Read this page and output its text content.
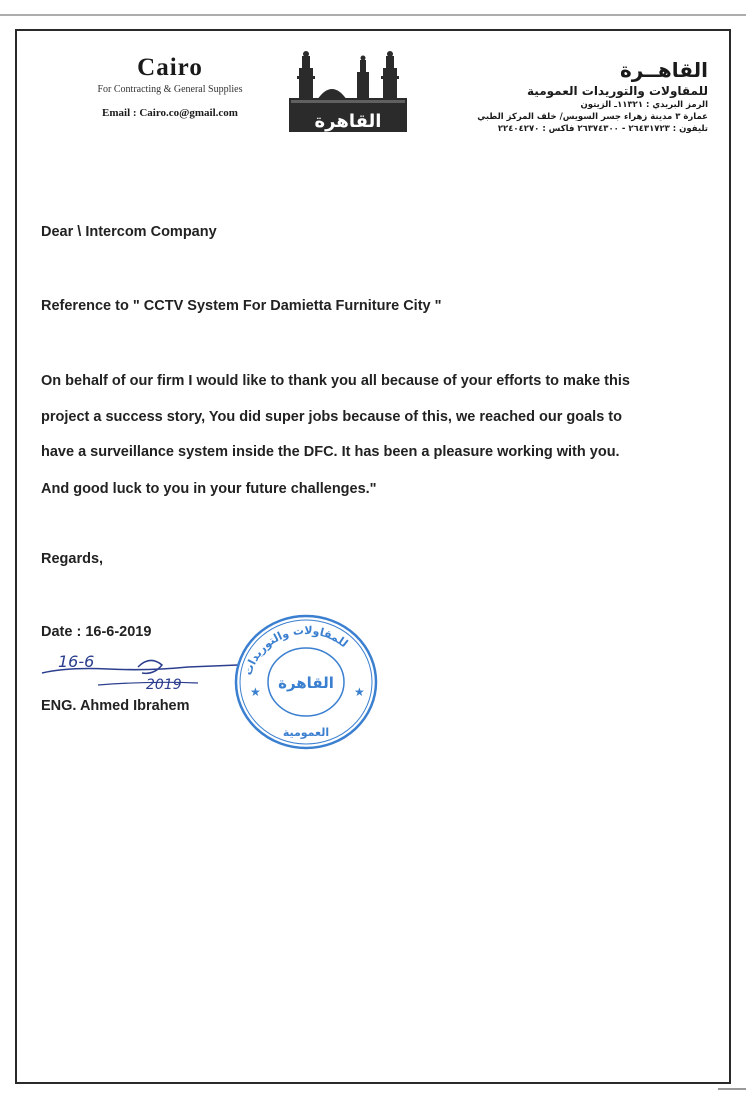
Cairo
For Contracting & General Supplies
Email : Cairo.co@gmail.com	القاهرة
القاهــرة
للمقاولات والتوريدات العمومية
الرمز البريدي : ١١٣٢١ـ الزيتون
عمارة ٣ مدينة زهراء جسر السويس/ خلف المركز الطبي
تليفون : ٢٦٤٣١٧٢٣ - ٢٦٣٧٤٣٠٠ فاكس : ٢٢٤٠٤٢٧٠
Dear \ Intercom Company
Reference to " CCTV System For Damietta Furniture City "
On behalf of our firm I would like to thank you all because of your efforts to make this
project a success story, You did super jobs because of this, we reached our goals to
have a surveillance system inside the DFC. It has been a pleasure working with you.
And good luck to you in your future challenges."
Regards,
Date : 16-6-2019
16-6
2019
ENG. Ahmed Ibrahem
للمقاولات والتوريدات
القاهرة
العمومية
★	★
